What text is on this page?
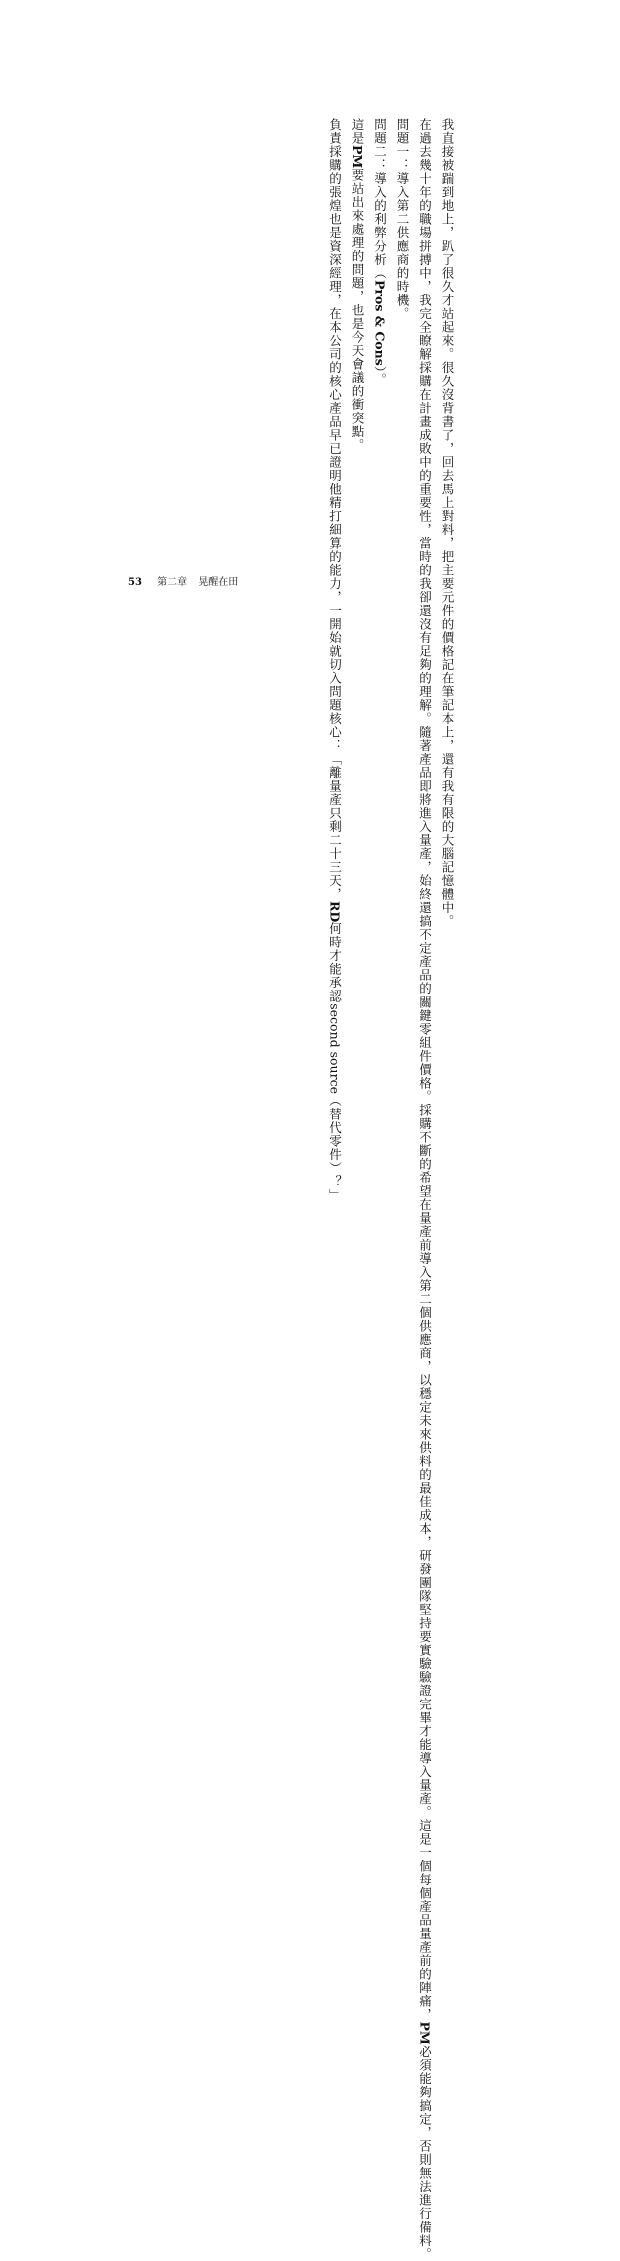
我直接被踹到地上，趴了很久才站起來。很久沒背書了，回去馬上對料，把主要元件的價格記在筆記本上，還有我有限的大腦記憶體中。
在過去幾十年的職場拼搏中，我完全瞭解採購在計畫成敗中的重要性，當時的我卻還沒有足夠的理解。隨著產品即將進入量產，始終還搞不定產品的關鍵零組件價格。採購不斷的希望在量產前導入第二個供應商，以穩定未來供料的最佳成本，研發團隊堅持要實驗驗證完畢才能導入量產。這是一個每個產品量產前的陣痛，PM必須能夠搞定，否則無法進行備料。
問題一：導入第二供應商的時機。
問題二：導入的利弊分析（Pros & Cons）。
這是PM要站出來處理的問題，也是今天會議的衝突點。
負責採購的張煌也是資深經理，在本公司的核心產品早已證明他精打細算的能力，一開始就切入問題核心：「離量產只剩二十三天，RD何時才能承認second source（替代零件）？」
53 第二章 晃醒在田
